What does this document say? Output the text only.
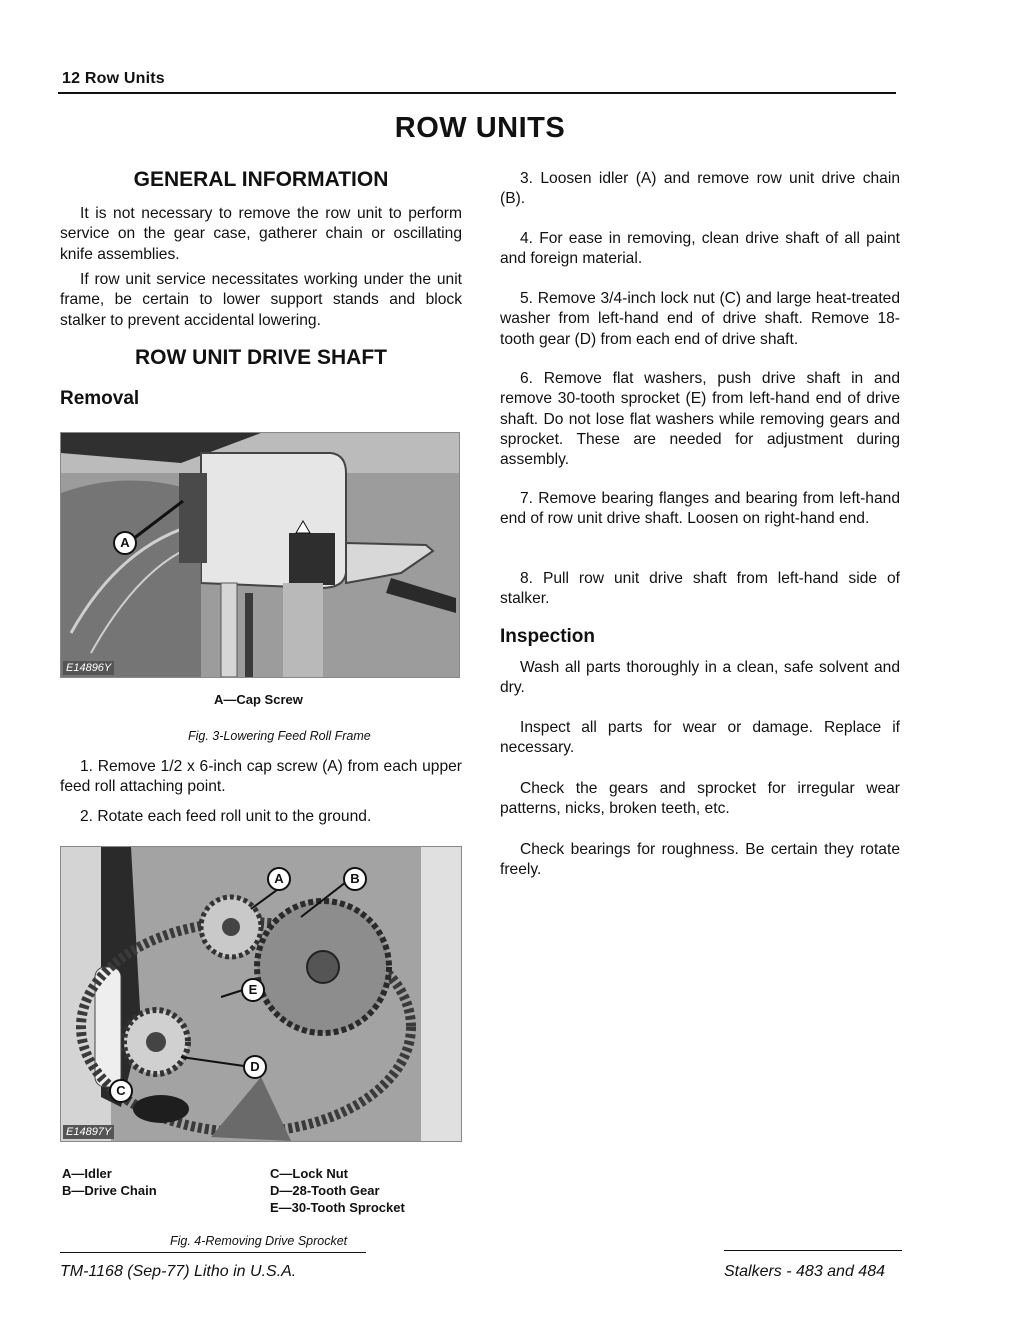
12 Row Units
ROW UNITS
GENERAL INFORMATION

It is not necessary to remove the row unit to perform service on the gear case, gatherer chain or oscillating knife assemblies.

If row unit service necessitates working under the unit frame, be certain to lower support stands and block stalker to prevent accidental lowering.

ROW UNIT DRIVE SHAFT
Removal
A
E14896Y
A—Cap Screw
Fig. 3-Lowering Feed Roll Frame

1. Remove 1/2 x 6-inch cap screw (A) from each upper feed roll attaching point.

2. Rotate each feed roll unit to the ground.

A	B
E
D
C
E14897Y
A—Idler
B—Drive Chain
C—Lock Nut
D—28-Tooth Gear
E—30-Tooth Sprocket
Fig. 4-Removing Drive Sprocket

3. Loosen idler (A) and remove row unit drive chain (B).

4. For ease in removing, clean drive shaft of all paint and foreign material.

5. Remove 3/4-inch lock nut (C) and large heat-treated washer from left-hand end of drive shaft. Remove 18-tooth gear (D) from each end of drive shaft.

6. Remove flat washers, push drive shaft in and remove 30-tooth sprocket (E) from left-hand end of drive shaft. Do not lose flat washers while removing gears and sprocket. These are needed for adjustment during assembly.

7. Remove bearing flanges and bearing from left-hand end of row unit drive shaft. Loosen on right-hand end.

8. Pull row unit drive shaft from left-hand side of stalker.

Inspection

Wash all parts thoroughly in a clean, safe solvent and dry.

Inspect all parts for wear or damage. Replace if necessary.

Check the gears and sprocket for irregular wear patterns, nicks, broken teeth, etc.

Check bearings for roughness. Be certain they rotate freely.

TM-1168 (Sep-77) Litho in U.S.A.	Stalkers - 483 and 484
